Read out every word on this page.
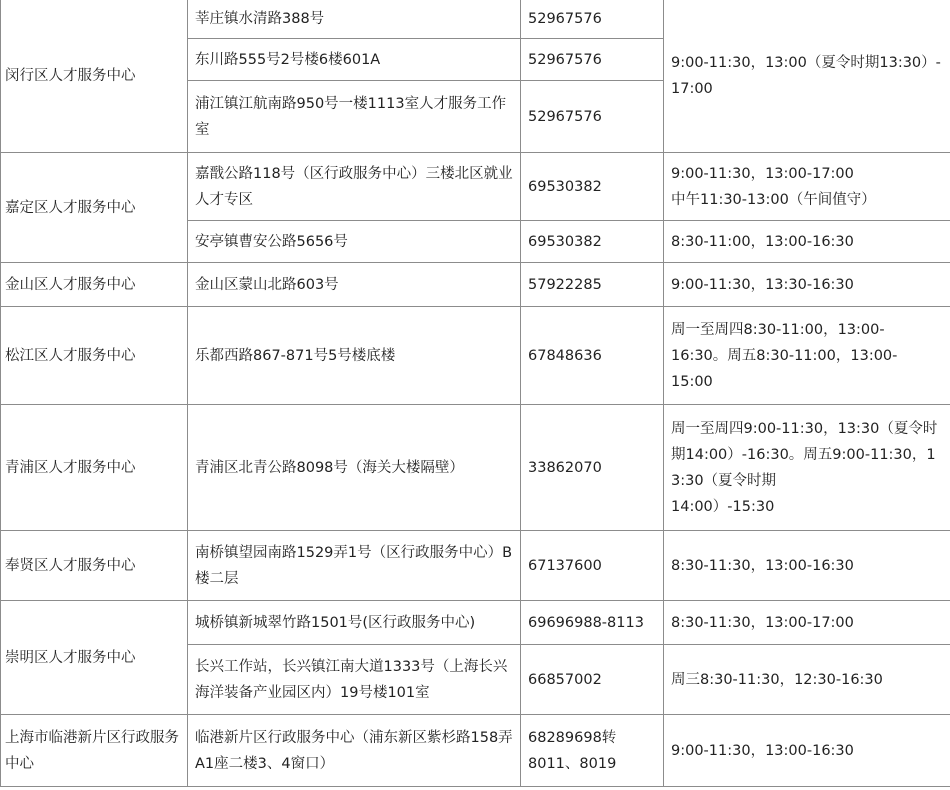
闵行区人才服务中心	莘庄镇水清路388号	52967576	9:00-11:30，13:00（夏令时期13:30）-17:00
	东川路555号2号楼6楼601A	52967576	
	浦江镇江航南路950号一楼1113室人才服务工作室	52967576	
嘉定区人才服务中心	嘉戬公路118号（区行政服务中心）三楼北区就业人才专区	69530382	9:00-11:30，13:00-17:00
中午11:30-13:00（午间值守）
	安亭镇曹安公路5656号	69530382	8:30-11:00，13:00-16:30
金山区人才服务中心	金山区蒙山北路603号	57922285	9:00-11:30，13:30-16:30
松江区人才服务中心	乐都西路867-871号5号楼底楼	67848636	周一至周四8:30-11:00，13:00-
16:30。周五8:30-11:00，13:00-
15:00
青浦区人才服务中心	青浦区北青公路8098号（海关大楼隔壁）	33862070	周一至周四9:00-11:30，13:30（夏令时期14:00）-16:30。周五9:00-11:30，13:30（夏令时期
14:00）-15:30
奉贤区人才服务中心	南桥镇望园南路1529弄1号（区行政服务中心）B楼二层	67137600	8:30-11:30，13:00-16:30
崇明区人才服务中心	城桥镇新城翠竹路1501号(区行政服务中心)	69696988-8113	8:30-11:30，13:00-17:00
	长兴工作站，长兴镇江南大道1333号（上海长兴海洋装备产业园区内）19号楼101室	66857002	周三8:30-11:30，12:30-16:30
上海市临港新片区行政服务中心	临港新片区行政服务中心（浦东新区紫杉路158弄A1座二楼3、4窗口）	68289698转
8011、8019	9:00-11:30，13:00-16:30
